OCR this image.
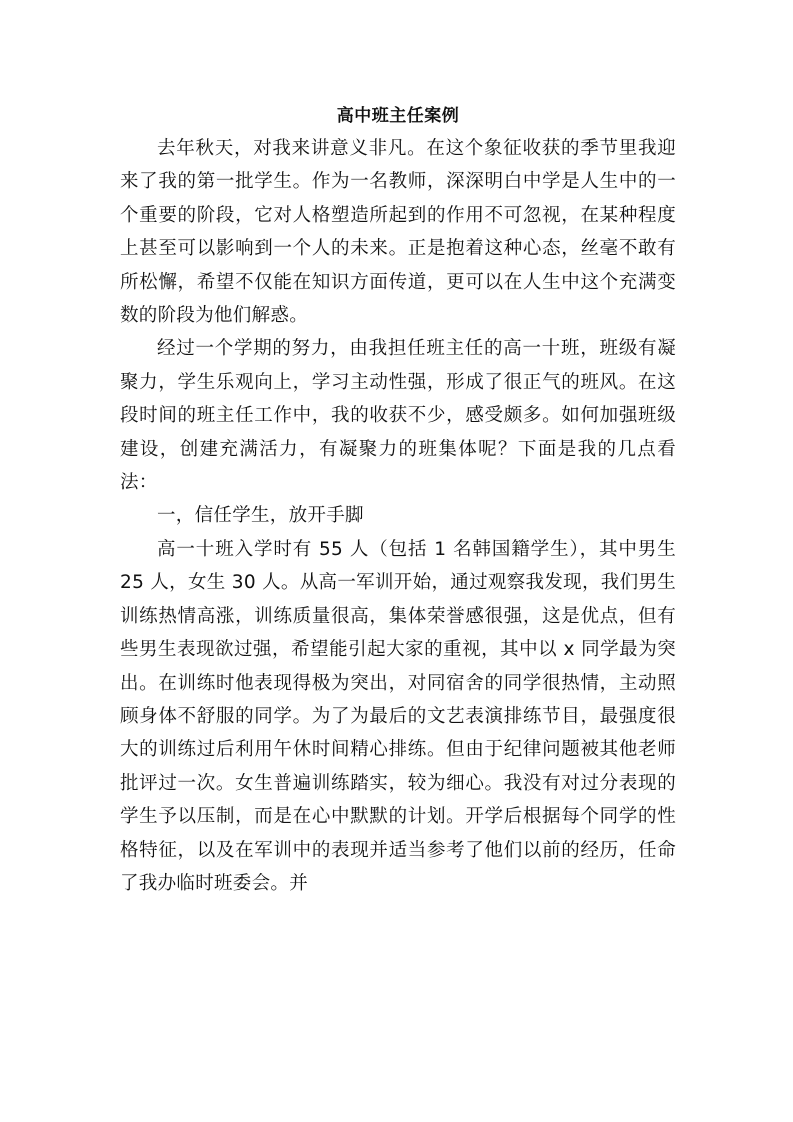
高中班主任案例

去年秋天，对我来讲意义非凡。在这个象征收获的季节里我迎来了我的第一批学生。作为一名教师，深深明白中学是人生中的一个重要的阶段，它对人格塑造所起到的作用不可忽视，在某种程度上甚至可以影响到一个人的未来。正是抱着这种心态，丝毫不敢有所松懈，希望不仅能在知识方面传道，更可以在人生中这个充满变数的阶段为他们解惑。

经过一个学期的努力，由我担任班主任的高一十班，班级有凝聚力，学生乐观向上，学习主动性强，形成了很正气的班风。在这段时间的班主任工作中，我的收获不少，感受颇多。如何加强班级建设，创建充满活力，有凝聚力的班集体呢？下面是我的几点看法：

一，信任学生，放开手脚

高一十班入学时有 55 人（包括 1 名韩国籍学生），其中男生 25 人，女生 30 人。从高一军训开始，通过观察我发现，我们男生训练热情高涨，训练质量很高，集体荣誉感很强，这是优点，但有些男生表现欲过强，希望能引起大家的重视，其中以 x 同学最为突出。在训练时他表现得极为突出，对同宿舍的同学很热情，主动照顾身体不舒服的同学。为了为最后的文艺表演排练节目，最强度很大的训练过后利用午休时间精心排练。但由于纪律问题被其他老师批评过一次。女生普遍训练踏实，较为细心。我没有对过分表现的学生予以压制，而是在心中默默的计划。开学后根据每个同学的性格特征，以及在军训中的表现并适当参考了他们以前的经历，任命了我办临时班委会。并
